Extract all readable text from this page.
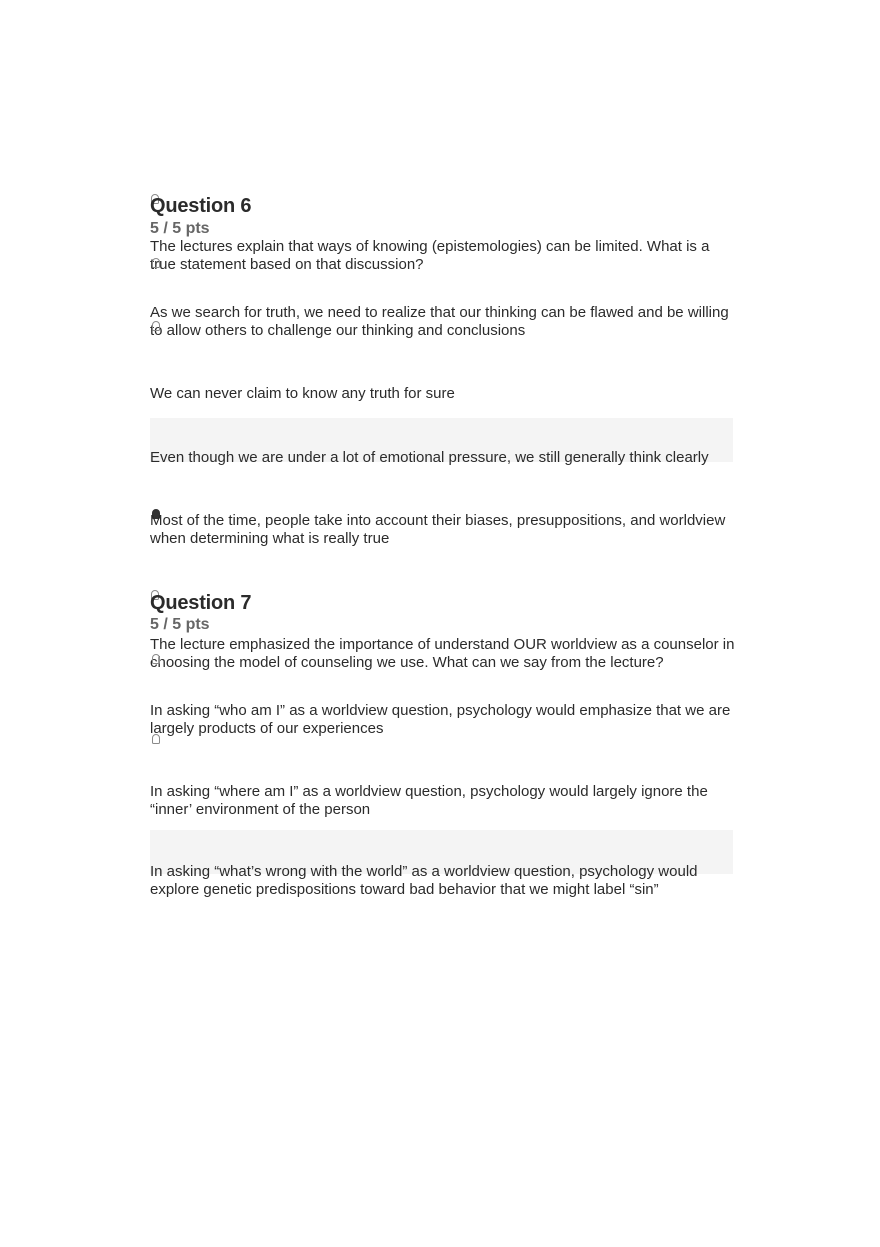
Question 6
5 / 5 pts
The lectures explain that ways of knowing (epistemologies) can be limited. What is a true statement based on that discussion?
As we search for truth, we need to realize that our thinking can be flawed and be willing to allow others to challenge our thinking and conclusions
We can never claim to know any truth for sure
Even though we are under a lot of emotional pressure, we still generally think clearly
Most of the time, people take into account their biases, presuppositions, and worldview when determining what is really true
Question 7
5 / 5 pts
The lecture emphasized the importance of understand OUR worldview as a counselor in choosing the model of counseling we use. What can we say from the lecture?
In asking “who am I” as a worldview question, psychology would emphasize that we are largely products of our experiences
In asking “where am I” as a worldview question, psychology would largely ignore the “inner’ environment of the person
In asking “what’s wrong with the world” as a worldview question, psychology would explore genetic predispositions toward bad behavior that we might label “sin”
